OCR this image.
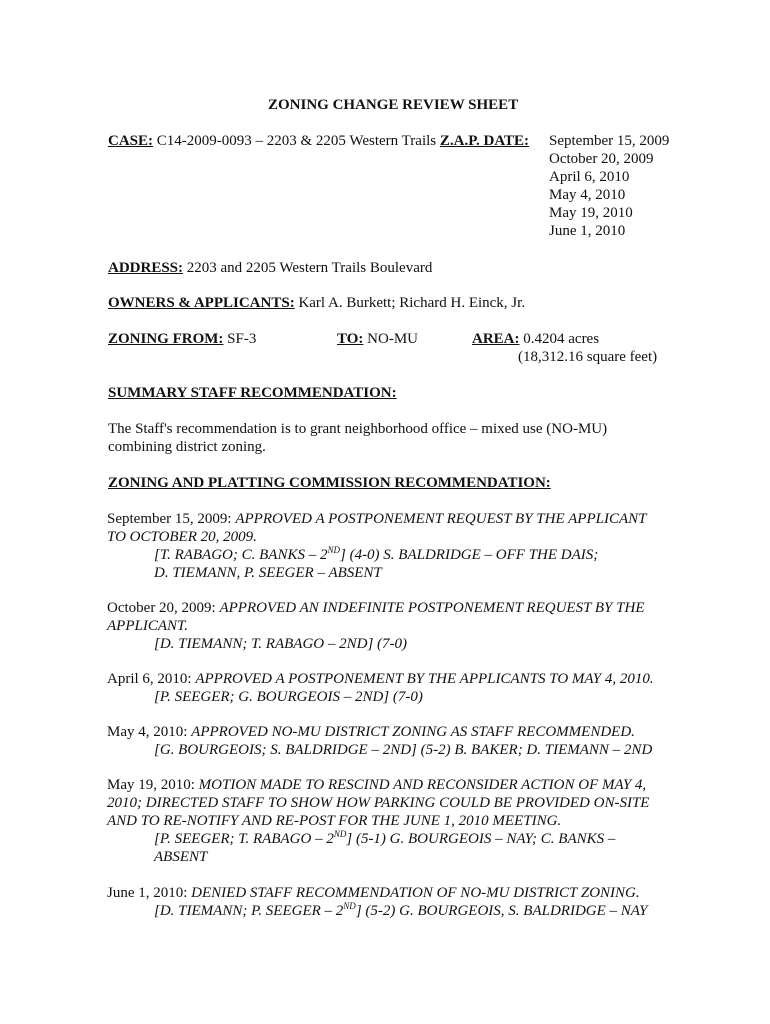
ZONING CHANGE REVIEW SHEET
CASE: C14-2009-0093 – 2203 & 2205 Western Trails Z.A.P. DATE: September 15, 2009
October 20, 2009
April 6, 2010
May 4, 2010
May 19, 2010
June 1, 2010
ADDRESS: 2203 and 2205 Western Trails Boulevard
OWNERS & APPLICANTS: Karl A. Burkett; Richard H. Einck, Jr.
ZONING FROM: SF-3	TO: NO-MU	AREA: 0.4204 acres
(18,312.16 square feet)
SUMMARY STAFF RECOMMENDATION:
The Staff's recommendation is to grant neighborhood office – mixed use (NO-MU)
combining district zoning.
ZONING AND PLATTING COMMISSION RECOMMENDATION:
September 15, 2009: APPROVED A POSTPONEMENT REQUEST BY THE APPLICANT
TO OCTOBER 20, 2009.
[T. RABAGO; C. BANKS – 2ND] (4-0) S. BALDRIDGE – OFF THE DAIS;
D. TIEMANN, P. SEEGER – ABSENT
October 20, 2009: APPROVED AN INDEFINITE POSTPONEMENT REQUEST BY THE
APPLICANT.
[D. TIEMANN; T. RABAGO – 2ND] (7-0)
April 6, 2010: APPROVED A POSTPONEMENT BY THE APPLICANTS TO MAY 4, 2010.
[P. SEEGER; G. BOURGEOIS – 2ND] (7-0)
May 4, 2010: APPROVED NO-MU DISTRICT ZONING AS STAFF RECOMMENDED.
[G. BOURGEOIS; S. BALDRIDGE – 2ND] (5-2) B. BAKER; D. TIEMANN – 2ND
May 19, 2010: MOTION MADE TO RESCIND AND RECONSIDER ACTION OF MAY 4,
2010; DIRECTED STAFF TO SHOW HOW PARKING COULD BE PROVIDED ON-SITE
AND TO RE-NOTIFY AND RE-POST FOR THE JUNE 1, 2010 MEETING.
[P. SEEGER; T. RABAGO – 2ND] (5-1) G. BOURGEOIS – NAY; C. BANKS –
ABSENT
June 1, 2010: DENIED STAFF RECOMMENDATION OF NO-MU DISTRICT ZONING.
[D. TIEMANN; P. SEEGER – 2ND] (5-2) G. BOURGEOIS, S. BALDRIDGE – NAY
